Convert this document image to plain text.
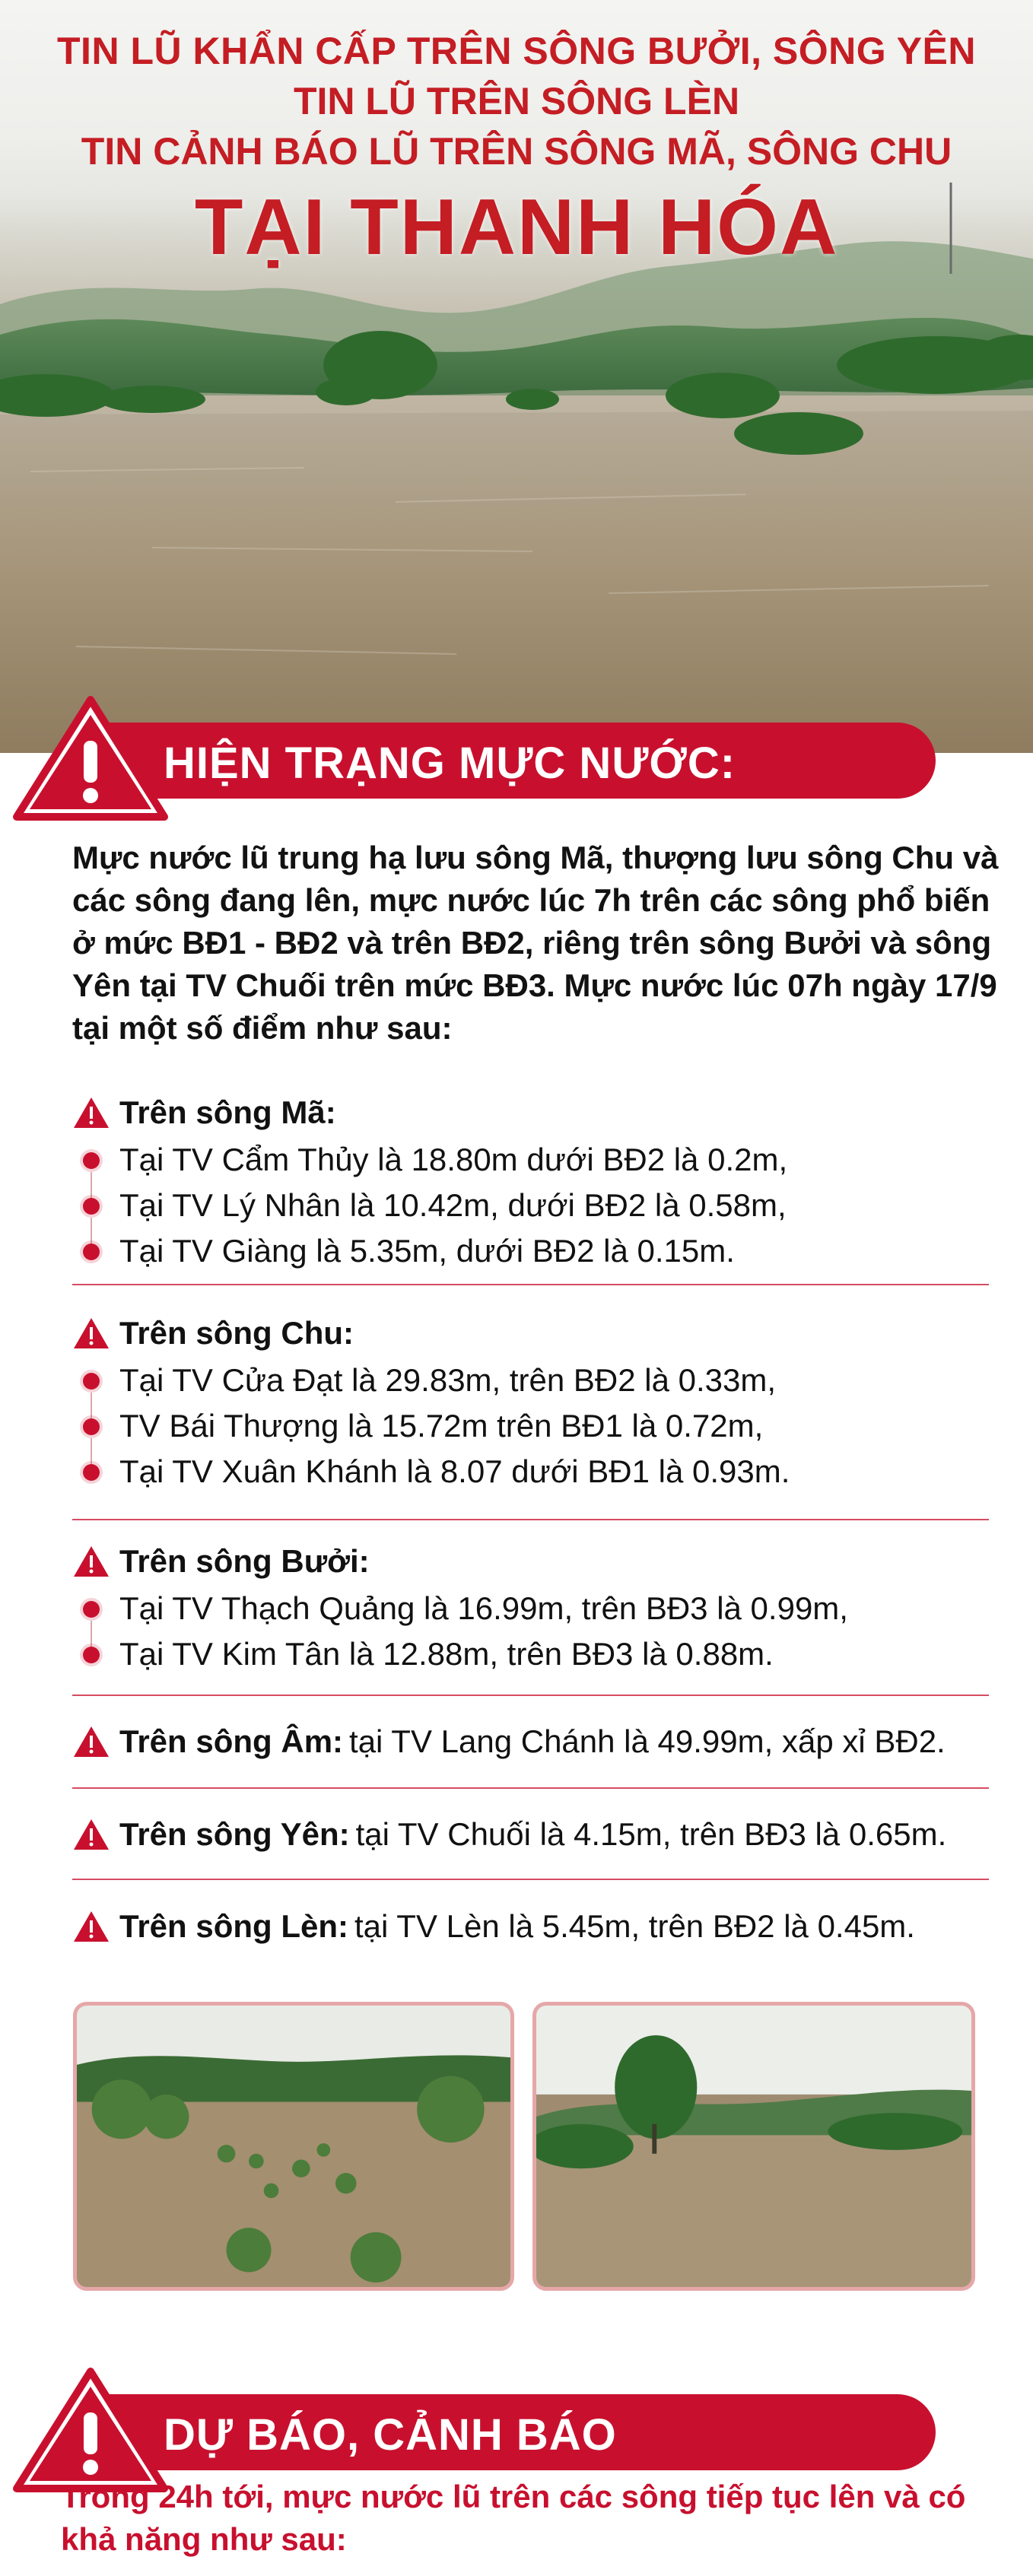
TIN LŨ KHẨN CẤP TRÊN SÔNG BƯỞI, SÔNG YÊN
TIN LŨ TRÊN SÔNG LÈN
TIN CẢNH BÁO LŨ TRÊN SÔNG MÃ, SÔNG CHU
TẠI THANH HÓA
HIỆN TRẠNG MỰC NƯỚC:
Mực nước lũ trung hạ lưu sông Mã, thượng lưu sông Chu và các sông đang lên, mực nước lúc 7h trên các sông phổ biến ở mức BĐ1 - BĐ2 và trên BĐ2, riêng trên sông Bưởi và sông Yên tại TV Chuối trên mức BĐ3. Mực nước lúc 07h ngày 17/9 tại một số điểm như sau:
Trên sông Mã:
Tại TV Cẩm Thủy là 18.80m dưới BĐ2 là 0.2m,
Tại TV Lý Nhân là 10.42m, dưới BĐ2 là 0.58m,
Tại TV Giàng là 5.35m, dưới BĐ2 là 0.15m.
Trên sông Chu:
Tại TV Cửa Đạt là 29.83m, trên BĐ2 là 0.33m,
TV Bái Thượng là 15.72m trên BĐ1 là 0.72m,
Tại TV Xuân Khánh là 8.07 dưới BĐ1 là 0.93m.
Trên sông Bưởi:
Tại TV Thạch Quảng là 16.99m, trên BĐ3 là 0.99m,
Tại TV Kim Tân là 12.88m, trên BĐ3 là 0.88m.
Trên sông Âm: tại TV Lang Chánh là 49.99m, xấp xỉ BĐ2.
Trên sông Yên: tại TV Chuối là 4.15m, trên BĐ3 là 0.65m.
Trên sông Lèn: tại TV Lèn là 5.45m, trên BĐ2 là 0.45m.
DỰ BÁO, CẢNH BÁO
Trong 24h tới, mực nước lũ trên các sông tiếp tục lên và có khả năng như sau:
